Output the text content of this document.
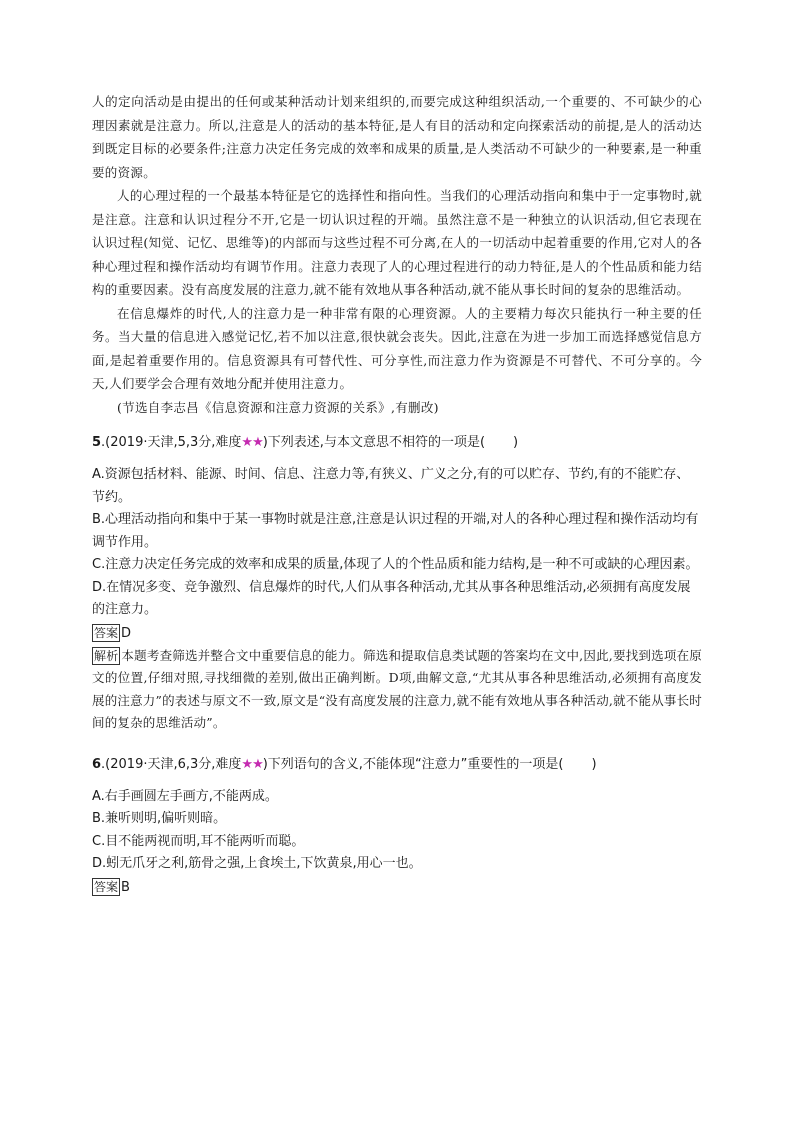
人的定向活动是由提出的任何或某种活动计划来组织的,而要完成这种组织活动,一个重要的、不可缺少的心理因素就是注意力。所以,注意是人的活动的基本特征,是人有目的活动和定向探索活动的前提,是人的活动达到既定目标的必要条件;注意力决定任务完成的效率和成果的质量,是人类活动不可缺少的一种要素,是一种重要的资源。

人的心理过程的一个最基本特征是它的选择性和指向性。当我们的心理活动指向和集中于一定事物时,就是注意。注意和认识过程分不开,它是一切认识过程的开端。虽然注意不是一种独立的认识活动,但它表现在认识过程(知觉、记忆、思维等)的内部而与这些过程不可分离,在人的一切活动中起着重要的作用,它对人的各种心理过程和操作活动均有调节作用。注意力表现了人的心理过程进行的动力特征,是人的个性品质和能力结构的重要因素。没有高度发展的注意力,就不能有效地从事各种活动,就不能从事长时间的复杂的思维活动。

在信息爆炸的时代,人的注意力是一种非常有限的心理资源。人的主要精力每次只能执行一种主要的任务。当大量的信息进入感觉记忆,若不加以注意,很快就会丧失。因此,注意在为进一步加工而选择感觉信息方面,是起着重要作用的。信息资源具有可替代性、可分享性,而注意力作为资源是不可替代、不可分享的。今天,人们要学会合理有效地分配并使用注意力。

(节选自李志昌《信息资源和注意力资源的关系》,有删改)

5.(2019·天津,5,3分,难度★★)下列表述,与本文意思不相符的一项是( )

A.资源包括材料、能源、时间、信息、注意力等,有狭义、广义之分,有的可以贮存、节约,有的不能贮存、节约。

B.心理活动指向和集中于某一事物时就是注意,注意是认识过程的开端,对人的各种心理过程和操作活动均有调节作用。

C.注意力决定任务完成的效率和成果的质量,体现了人的个性品质和能力结构,是一种不可或缺的心理因素。

D.在情况多变、竞争激烈、信息爆炸的时代,人们从事各种活动,尤其从事各种思维活动,必须拥有高度发展的注意力。

答案 D

解析 本题考查筛选并整合文中重要信息的能力。筛选和提取信息类试题的答案均在文中,因此,要找到选项在原文的位置,仔细对照,寻找细微的差别,做出正确判断。D项,曲解文意,“尤其从事各种思维活动,必须拥有高度发展的注意力”的表述与原文不一致,原文是“没有高度发展的注意力,就不能有效地从事各种活动,就不能从事长时间的复杂的思维活动”。

6.(2019·天津,6,3分,难度★★)下列语句的含义,不能体现“注意力”重要性的一项是( )

A.右手画圆左手画方,不能两成。

B.兼听则明,偏听则暗。

C.目不能两视而明,耳不能两听而聪。

D.蚓无爪牙之利,筋骨之强,上食埃土,下饮黄泉,用心一也。

答案 B
